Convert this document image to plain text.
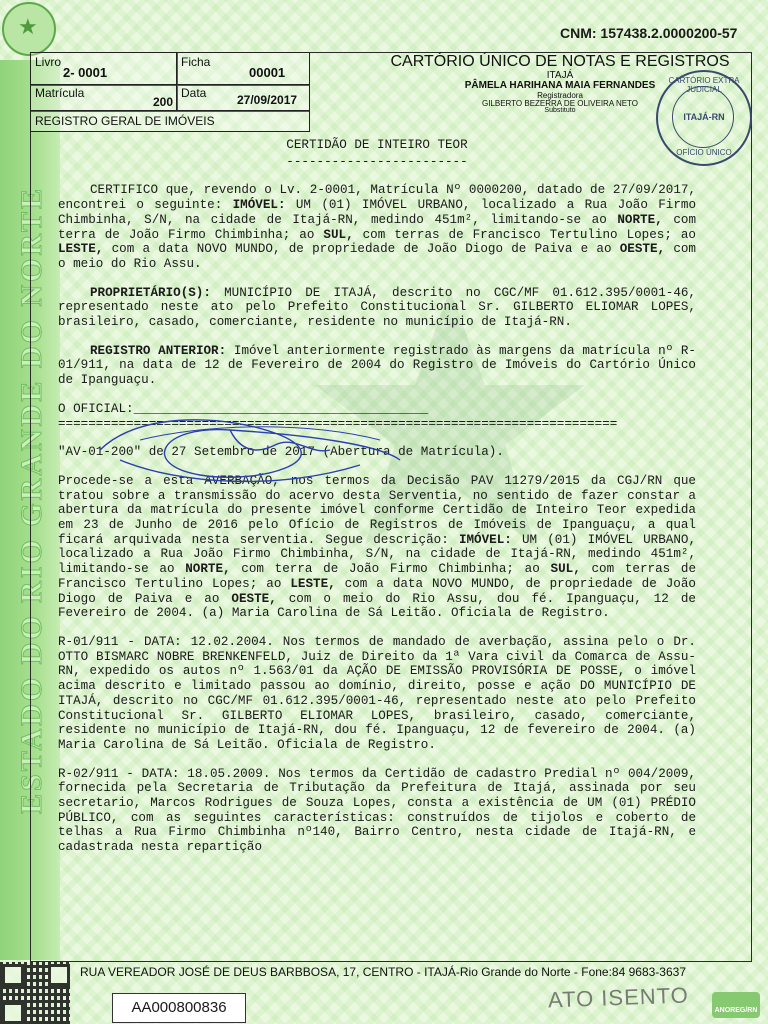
ESTADO DO RIO GRANDE DO NORTE
★	CNM: 157438.2.0000200-57
Livro
2- 0001
Ficha
00001
Matrícula
200
Data	27/09/2017
REGISTRO GERAL DE IMÓVEIS
CARTÓRIO ÚNICO DE NOTAS E REGISTROS
ITAJÁ
PÂMELA HARIHANA MAIA FERNANDES
Registradora
GILBERTO BEZERRA DE OLIVEIRA NETO
Substituto
CARTÓRIO EXTRA JUDICIAL
ITAJÁ-RN
OFÍCIO ÚNICO
CERTIDÃO DE INTEIRO TEOR
------------------------

CERTIFICO que, revendo o Lv. 2-0001, Matrícula Nº 0000200, datado de 27/09/2017, encontrei o seguinte: IMÓVEL: UM (01) IMÓVEL URBANO, localizado a Rua João Firmo Chimbinha, S/N, na cidade de Itajá-RN, medindo 451m², limitando-se ao NORTE, com terra de João Firmo Chimbinha; ao SUL, com terras de Francisco Tertulino Lopes; ao LESTE, com a data NOVO MUNDO, de propriedade de João Diogo de Paiva e ao OESTE, com o meio do Rio Assu.

PROPRIETÁRIO(S): MUNICÍPIO DE ITAJÁ, descrito no CGC/MF 01.612.395/0001-46, representado neste ato pelo Prefeito Constitucional Sr. GILBERTO ELIOMAR LOPES, brasileiro, casado, comerciante, residente no município de Itajá-RN.

REGISTRO ANTERIOR: Imóvel anteriormente registrado às margens da matrícula nº R-01/911, na data de 12 de Fevereiro de 2004 do Registro de Imóveis do Cartório Único de Ipanguaçu.

O OFICIAL:_______________________________________
==========================================================================

"AV-01-200" de 27 Setembro de 2017 (Abertura de Matrícula).

Procede-se a esta AVERBAÇÃO, nos termos da Decisão PAV 11279/2015 da CGJ/RN que tratou sobre a transmissão do acervo desta Serventia, no sentido de fazer constar a abertura da matrícula do presente imóvel conforme Certidão de Inteiro Teor expedida em 23 de Junho de 2016 pelo Ofício de Registros de Imóveis de Ipanguaçu, a qual ficará arquivada nesta serventia. Segue descrição: IMÓVEL: UM (01) IMÓVEL URBANO, localizado a Rua João Firmo Chimbinha, S/N, na cidade de Itajá-RN, medindo 451m², limitando-se ao NORTE, com terra de João Firmo Chimbinha; ao SUL, com terras de Francisco Tertulino Lopes; ao LESTE, com a data NOVO MUNDO, de propriedade de João Diogo de Paiva e ao OESTE, com o meio do Rio Assu, dou fé. Ipanguaçu, 12 de Fevereiro de 2004. (a) Maria Carolina de Sá Leitão. Oficiala de Registro.

R-01/911 - DATA: 12.02.2004. Nos termos de mandado de averbação, assina pelo o Dr. OTTO BISMARC NOBRE BRENKENFELD, Juiz de Direito da 1ª Vara civil da Comarca de Assu-RN, expedido os autos nº 1.563/01 da AÇÃO DE EMISSÃO PROVISÓRIA DE POSSE, o imóvel acima descrito e limitado passou ao domínio, direito, posse e ação DO MUNICÍPIO DE ITAJÁ, descrito no CGC/MF 01.612.395/0001-46, representado neste ato pelo Prefeito Constitucional Sr. GILBERTO ELIOMAR LOPES, brasileiro, casado, comerciante, residente no município de Itajá-RN, dou fé. Ipanguaçu, 12 de fevereiro de 2004. (a) Maria Carolina de Sá Leitão. Oficiala de Registro.

R-02/911 - DATA: 18.05.2009. Nos termos da Certidão de cadastro Predial nº 004/2009, fornecida pela Secretaria de Tributação da Prefeitura de Itajá, assinada por seu secretario, Marcos Rodrigues de Souza Lopes, consta a existência de UM (01) PRÉDIO PÚBLICO, com as seguintes características: construídos de tijolos e coberto de telhas a Rua Firmo Chimbinha nº140, Bairro Centro, nesta cidade de Itajá-RN, e cadastrada nesta repartição

RUA VEREADOR JOSÉ DE DEUS BARBBOSA, 17, CENTRO - ITAJÁ-Rio Grande do Norte - Fone:84 9683-3637
AA000800836	ATO ISENTO	ANOREG/RN
